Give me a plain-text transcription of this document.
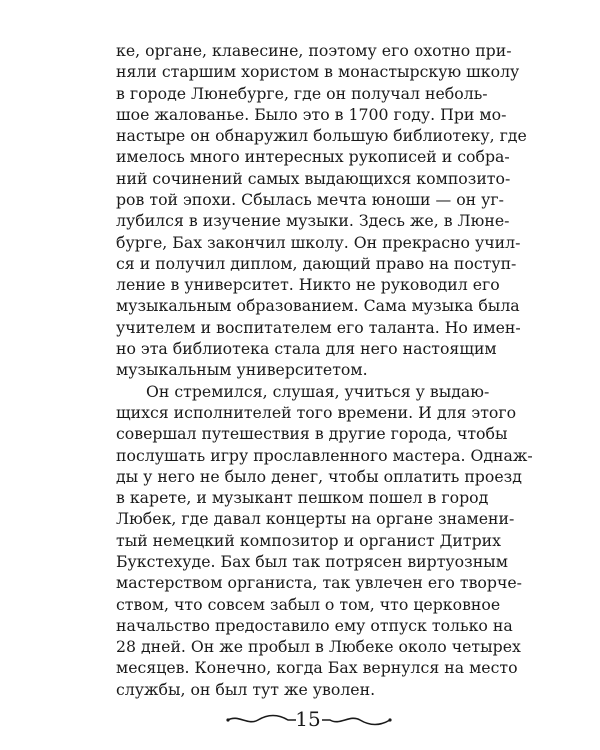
ке, органе, клавесине, поэтому его охотно при-
няли старшим хористом в монастырскую школу
в городе Люнебурге, где он получал неболь-
шое жалованье. Было это в 1700 году. При мо-
настыре он обнаружил большую библиотеку, где
имелось много интересных рукописей и собра-
ний сочинений самых выдающихся композито-
ров той эпохи. Сбылась мечта юноши — он уг-
лубился в изучение музыки. Здесь же, в Люне-
бурге, Бах закончил школу. Он прекрасно учил-
ся и получил диплом, дающий право на поступ-
ление в университет. Никто не руководил его
музыкальным образованием. Сама музыка была
учителем и воспитателем его таланта. Но имен-
но эта библиотека стала для него настоящим
музыкальным университетом.
Он стремился, слушая, учиться у выдаю-
щихся исполнителей того времени. И для этого
совершал путешествия в другие города, чтобы
послушать игру прославленного мастера. Однаж-
ды у него не было денег, чтобы оплатить проезд
в карете, и музыкант пешком пошел в город
Любек, где давал концерты на органе знамени-
тый немецкий композитор и органист Дитрих
Букстехуде. Бах был так потрясен виртуозным
мастерством органиста, так увлечен его творче-
ством, что совсем забыл о том, что церковное
начальство предоставило ему отпуск только на
28 дней. Он же пробыл в Любеке около четырех
месяцев. Конечно, когда Бах вернулся на место
службы, он был тут же уволен.
15
